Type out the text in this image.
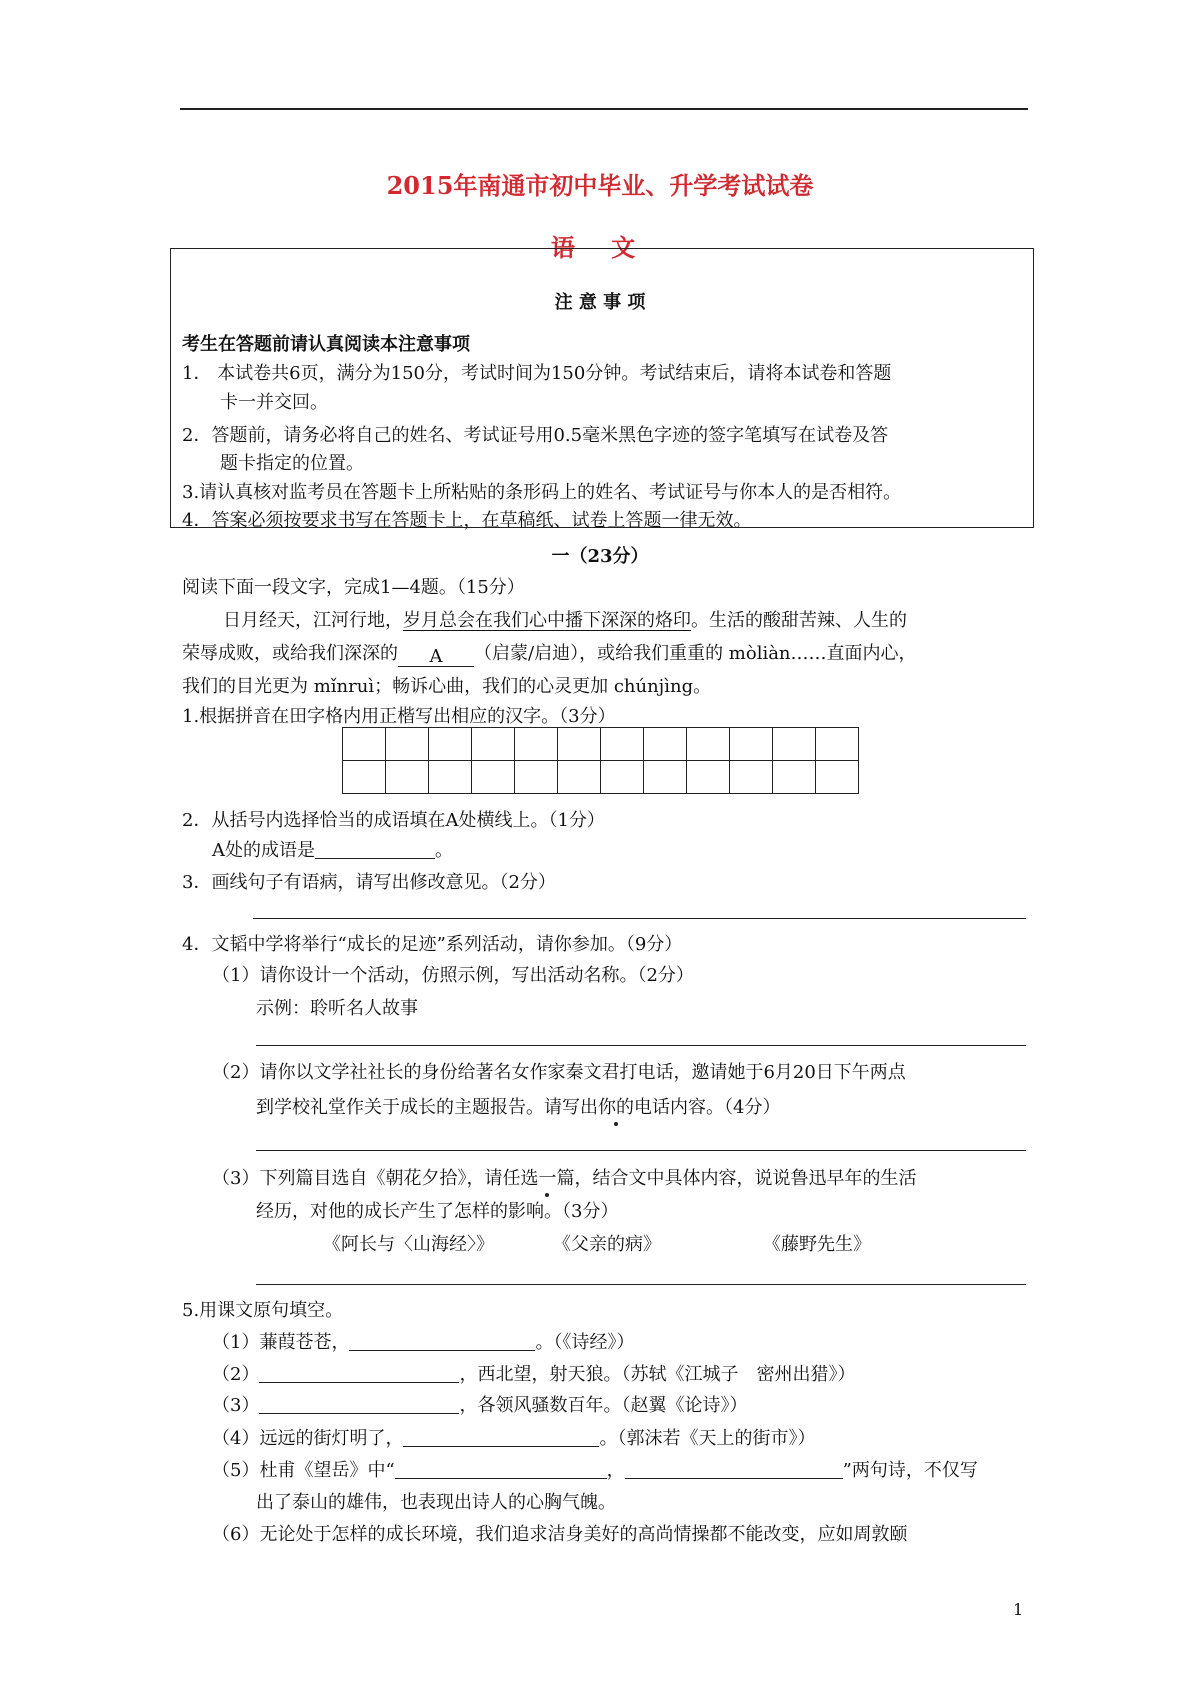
2015年南通市初中毕业、升学考试试卷
语 文
注 意 事 项
考生在答题前请认真阅读本注意事项
1． 本试卷共6页，满分为150分，考试时间为150分钟。考试结束后，请将本试卷和答题
卡一并交回。
2．答题前，请务必将自己的姓名、考试证号用0.5毫米黑色字迹的签字笔填写在试卷及答
题卡指定的位置。
3.请认真核对监考员在答题卡上所粘贴的条形码上的姓名、考试证号与你本人的是否相符。
4．答案必须按要求书写在答题卡上，在草稿纸、试卷上答题一律无效。
一（23分）
阅读下面一段文字，完成1—4题。（15分）
日月经天，江河行地，岁月总会在我们心中播下深深的烙印。生活的酸甜苦辣、人生的
荣辱成败，或给我们深深的 A （启蒙/启迪），或给我们重重的 mòliàn……直面内心，
我们的目光更为 mǐnruì；畅诉心曲，我们的心灵更加 chúnjìng。
1.根据拼音在田字格内用正楷写出相应的汉字。（3分）

2．从括号内选择恰当的成语填在A处横线上。（1分）
A处的成语是	。
3．画线句子有语病，请写出修改意见。（2分）
4．文韬中学将举行“成长的足迹”系列活动，请你参加。（9分）
（1）请你设计一个活动，仿照示例，写出活动名称。（2分）
示例：聆听名人故事
（2）请你以文学社社长的身份给著名女作家秦文君打电话，邀请她于6月20日下午两点
到学校礼堂作关于成长的主题报告。请写出你的电话内容。（4分）
（3）下列篇目选自《朝花夕拾》，请任选一篇，结合文中具体内容，说说鲁迅早年的生活
经历，对他的成长产生了怎样的影响。（3分）
《阿长与〈山海经〉》	《父亲的病》	《藤野先生》
5.用课文原句填空。
（1）蒹葭苍苍，	。（《诗经》）
（2）	，西北望，射天狼。（苏轼《江城子　密州出猎》）
（3）	，各领风骚数百年。（赵翼《论诗》）
（4）远远的街灯明了，	。（郭沫若《天上的街市》）
（5）杜甫《望岳》中“	，	”两句诗，不仅写
出了泰山的雄伟，也表现出诗人的心胸气魄。
（6）无论处于怎样的成长环境，我们追求洁身美好的高尚情操都不能改变，应如周敦颐
1
